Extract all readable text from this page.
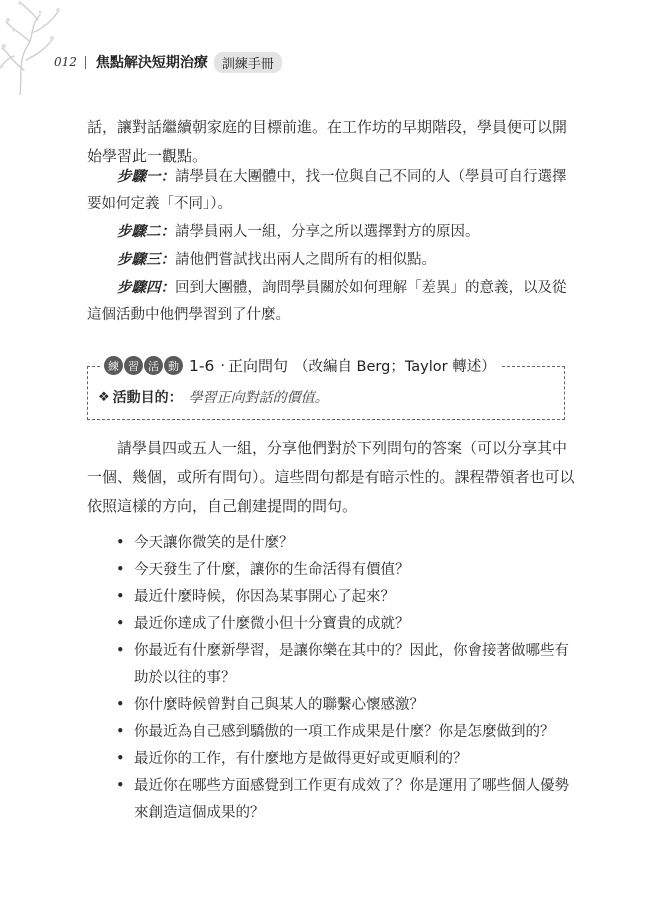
012 焦點解決短期治療	訓練手冊

話，讓對話繼續朝家庭的目標前進。在工作坊的早期階段，學員便可以開始學習此一觀點。

步驟一：請學員在大團體中，找一位與自己不同的人（學員可自行選擇要如何定義「不同」）。
步驟二：請學員兩人一組，分享之所以選擇對方的原因。
步驟三：請他們嘗試找出兩人之間所有的相似點。
步驟四：回到大團體，詢問學員關於如何理解「差異」的意義，以及從這個活動中他們學習到了什麼。
練 習 活 動 1-6 · 正向問句 （改編自 Berg；Taylor 轉述）
❖ 活動目的： 學習正向對話的價值。

請學員四或五人一組，分享他們對於下列問句的答案（可以分享其中一個、幾個，或所有問句）。這些問句都是有暗示性的。課程帶領者也可以依照這樣的方向，自己創建提問的問句。

• 今天讓你微笑的是什麼？
• 今天發生了什麼，讓你的生命活得有價值？
• 最近什麼時候，你因為某事開心了起來？
• 最近你達成了什麼微小但十分寶貴的成就？
• 你最近有什麼新學習，是讓你樂在其中的？因此，你會接著做哪些有助於以往的事？
• 你什麼時候曾對自己與某人的聯繫心懷感激？
• 你最近為自己感到驕傲的一項工作成果是什麼？你是怎麼做到的？
• 最近你的工作，有什麼地方是做得更好或更順利的？
• 最近你在哪些方面感覺到工作更有成效了？你是運用了哪些個人優勢來創造這個成果的？
